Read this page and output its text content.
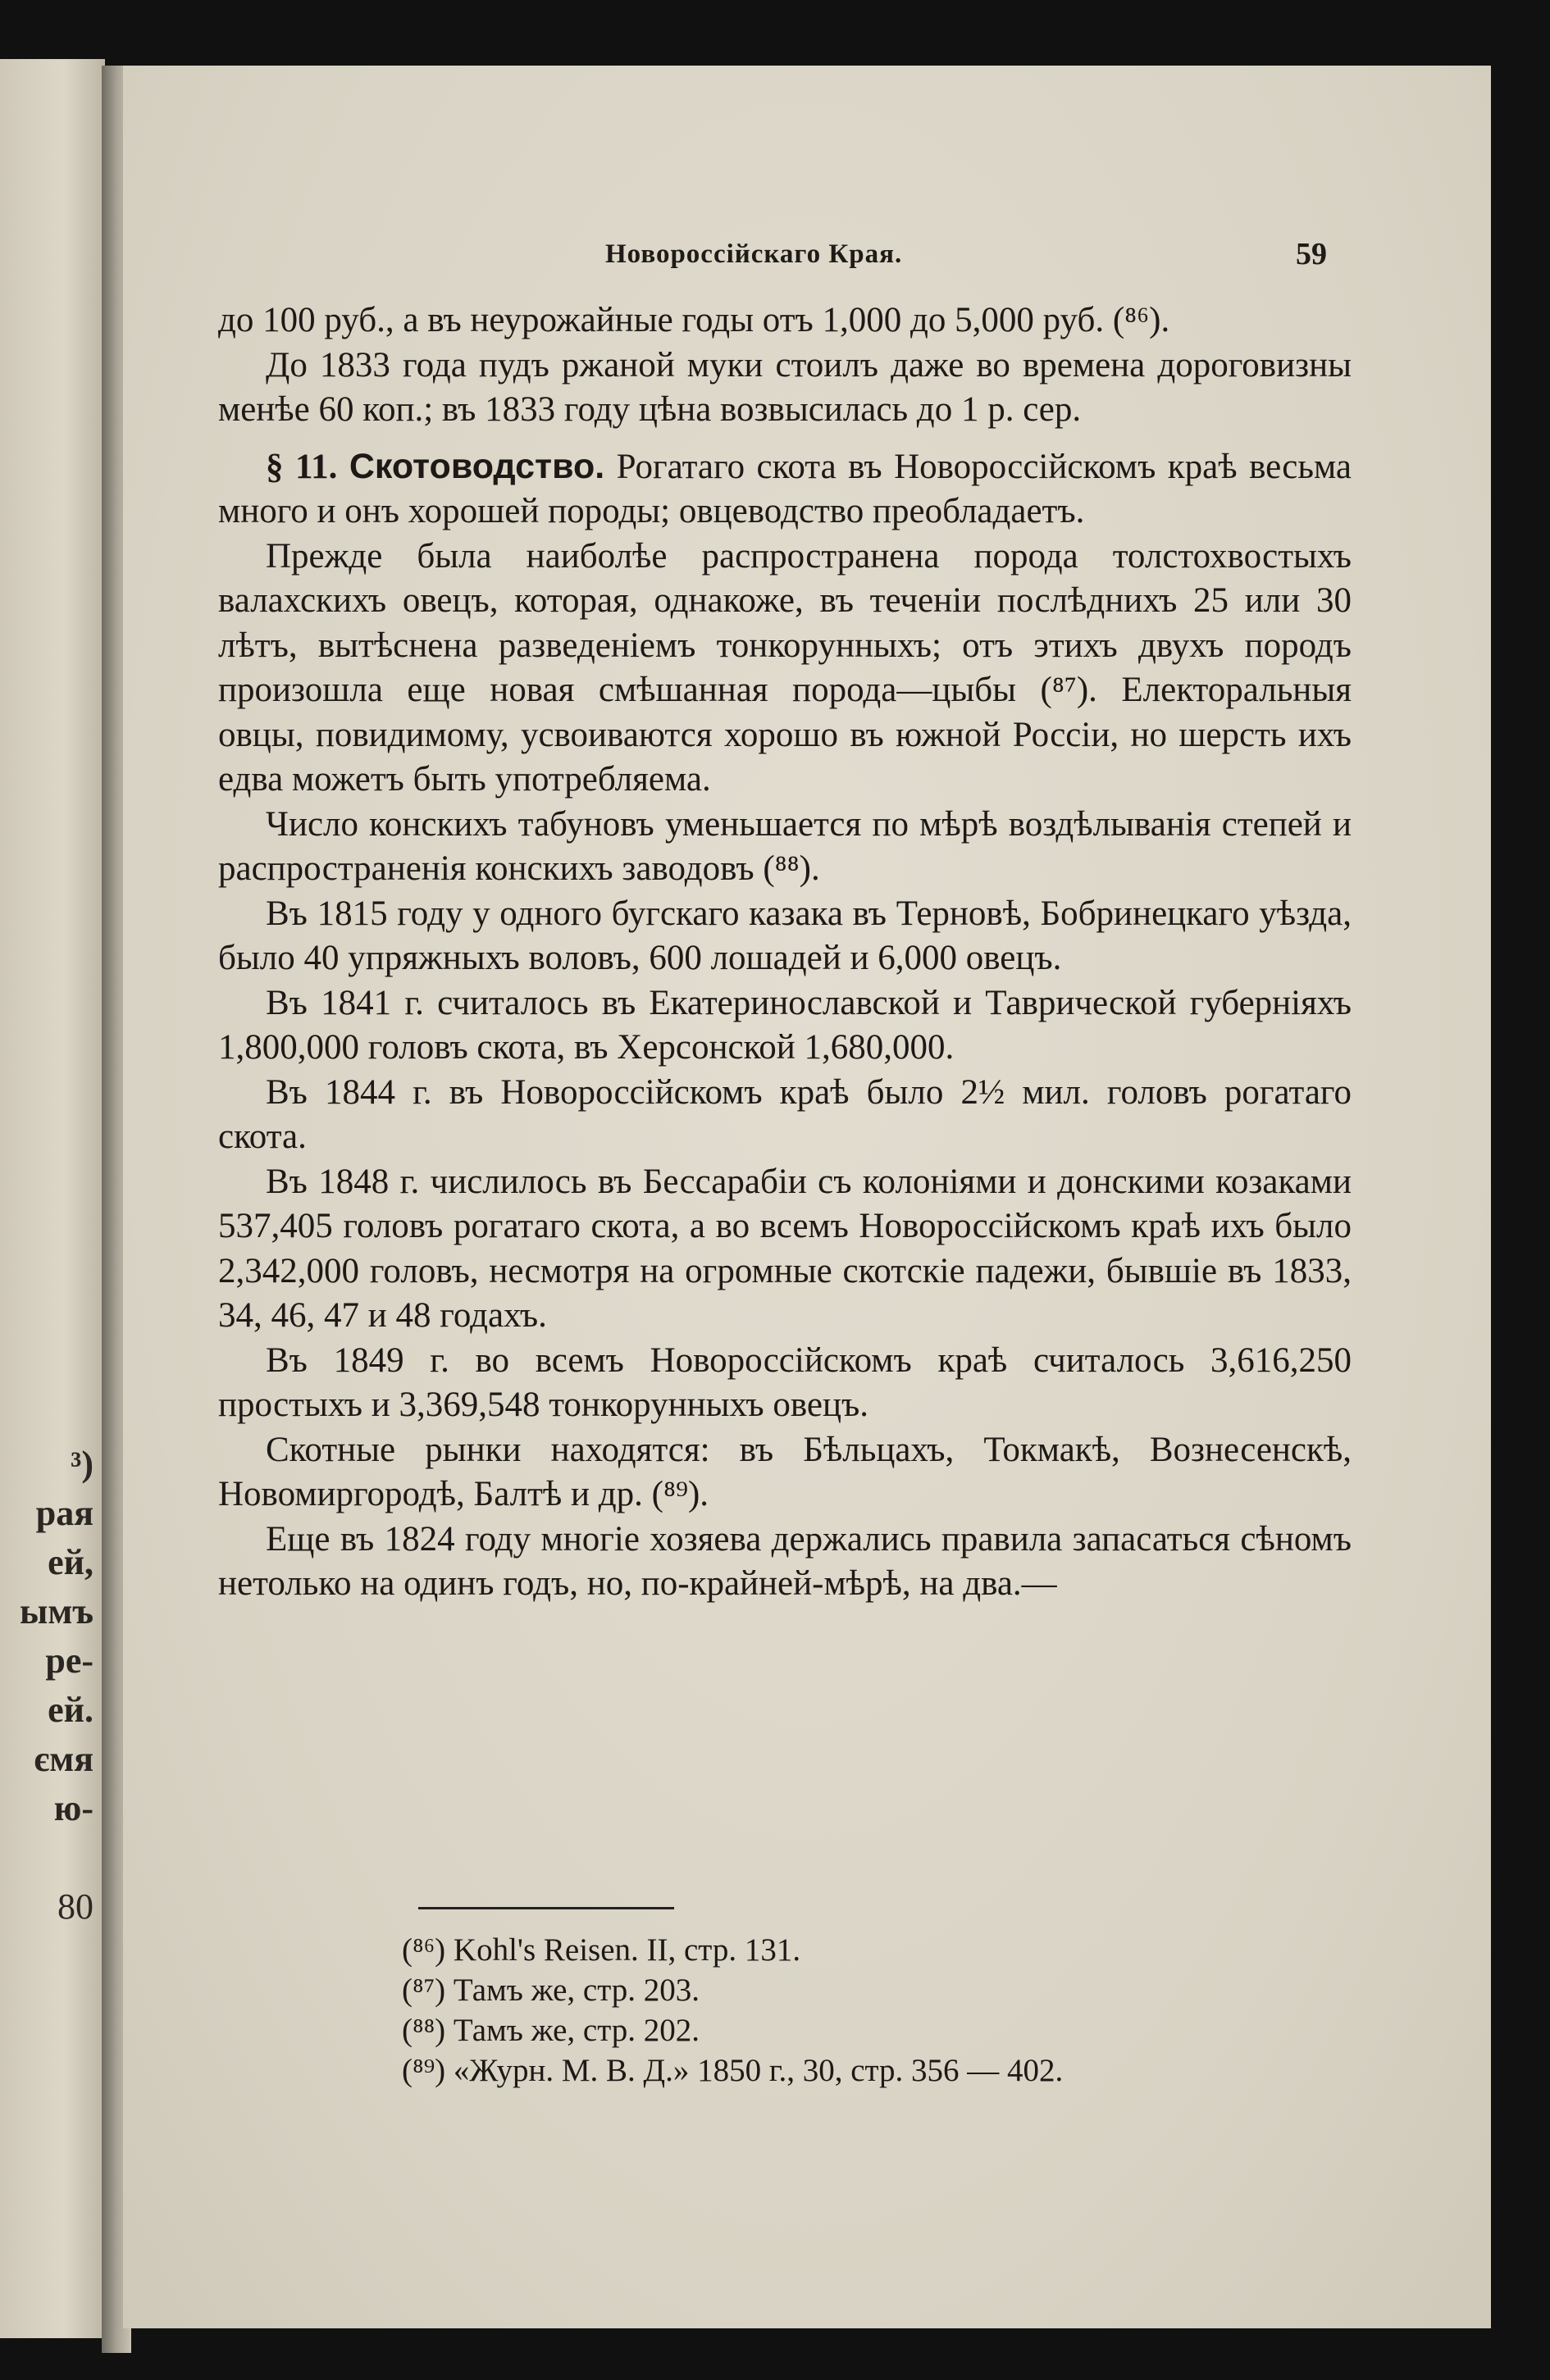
³)
рая
ей,
ымъ
ре-
ей.
ємя
ю-
80
Новороссійскаго Края.	59

до 100 руб., а въ неурожайные годы отъ 1,000 до 5,000 руб. (⁸⁶).

До 1833 года пудъ ржаной муки стоилъ даже во времена дороговизны менѣе 60 коп.; въ 1833 году цѣна возвысилась до 1 р. сер.

§ 11. Скотоводство. Рогатаго скота въ Новороссійскомъ краѣ весьма много и онъ хорошей породы; овцеводство преобладаетъ.

Прежде была наиболѣе распространена порода толстохвостыхъ валахскихъ овецъ, которая, однакоже, въ теченіи послѣднихъ 25 или 30 лѣтъ, вытѣснена разведеніемъ тонкорунныхъ; отъ этихъ двухъ породъ произошла еще новая смѣшанная порода—цыбы (⁸⁷). Електоральныя овцы, повидимому, усвоиваются хорошо въ южной Россіи, но шерсть ихъ едва можетъ быть употребляема.

Число конскихъ табуновъ уменьшается по мѣрѣ воздѣлыванія степей и распространенія конскихъ заводовъ (⁸⁸).

Въ 1815 году у одного бугскаго казака въ Терновѣ, Бобринецкаго уѣзда, было 40 упряжныхъ воловъ, 600 лошадей и 6,000 овецъ.

Въ 1841 г. считалось въ Екатеринославской и Таврической губерніяхъ 1,800,000 головъ скота, въ Херсонской 1,680,000.

Въ 1844 г. въ Новороссійскомъ краѣ было 2½ мил. головъ рогатаго скота.

Въ 1848 г. числилось въ Бессарабіи съ колоніями и донскими козаками 537,405 головъ рогатаго скота, а во всемъ Новороссійскомъ краѣ ихъ было 2,342,000 головъ, несмотря на огромные скотскіе падежи, бывшіе въ 1833, 34, 46, 47 и 48 годахъ.

Въ 1849 г. во всемъ Новороссійскомъ краѣ считалось 3,616,250 простыхъ и 3,369,548 тонкорунныхъ овецъ.

Скотные рынки находятся: въ Бѣльцахъ, Токмакѣ, Вознесенскѣ, Новомиргородѣ, Балтѣ и др. (⁸⁹).

Еще въ 1824 году многіе хозяева держались правила запасаться сѣномъ нетолько на одинъ годъ, но, по-крайней-мѣрѣ, на два.—

(⁸⁶) Kohl's Reisen. II, стр. 131.
(⁸⁷) Тамъ же, стр. 203.
(⁸⁸) Тамъ же, стр. 202.
(⁸⁹) «Журн. М. В. Д.» 1850 г., 30, стр. 356 — 402.
